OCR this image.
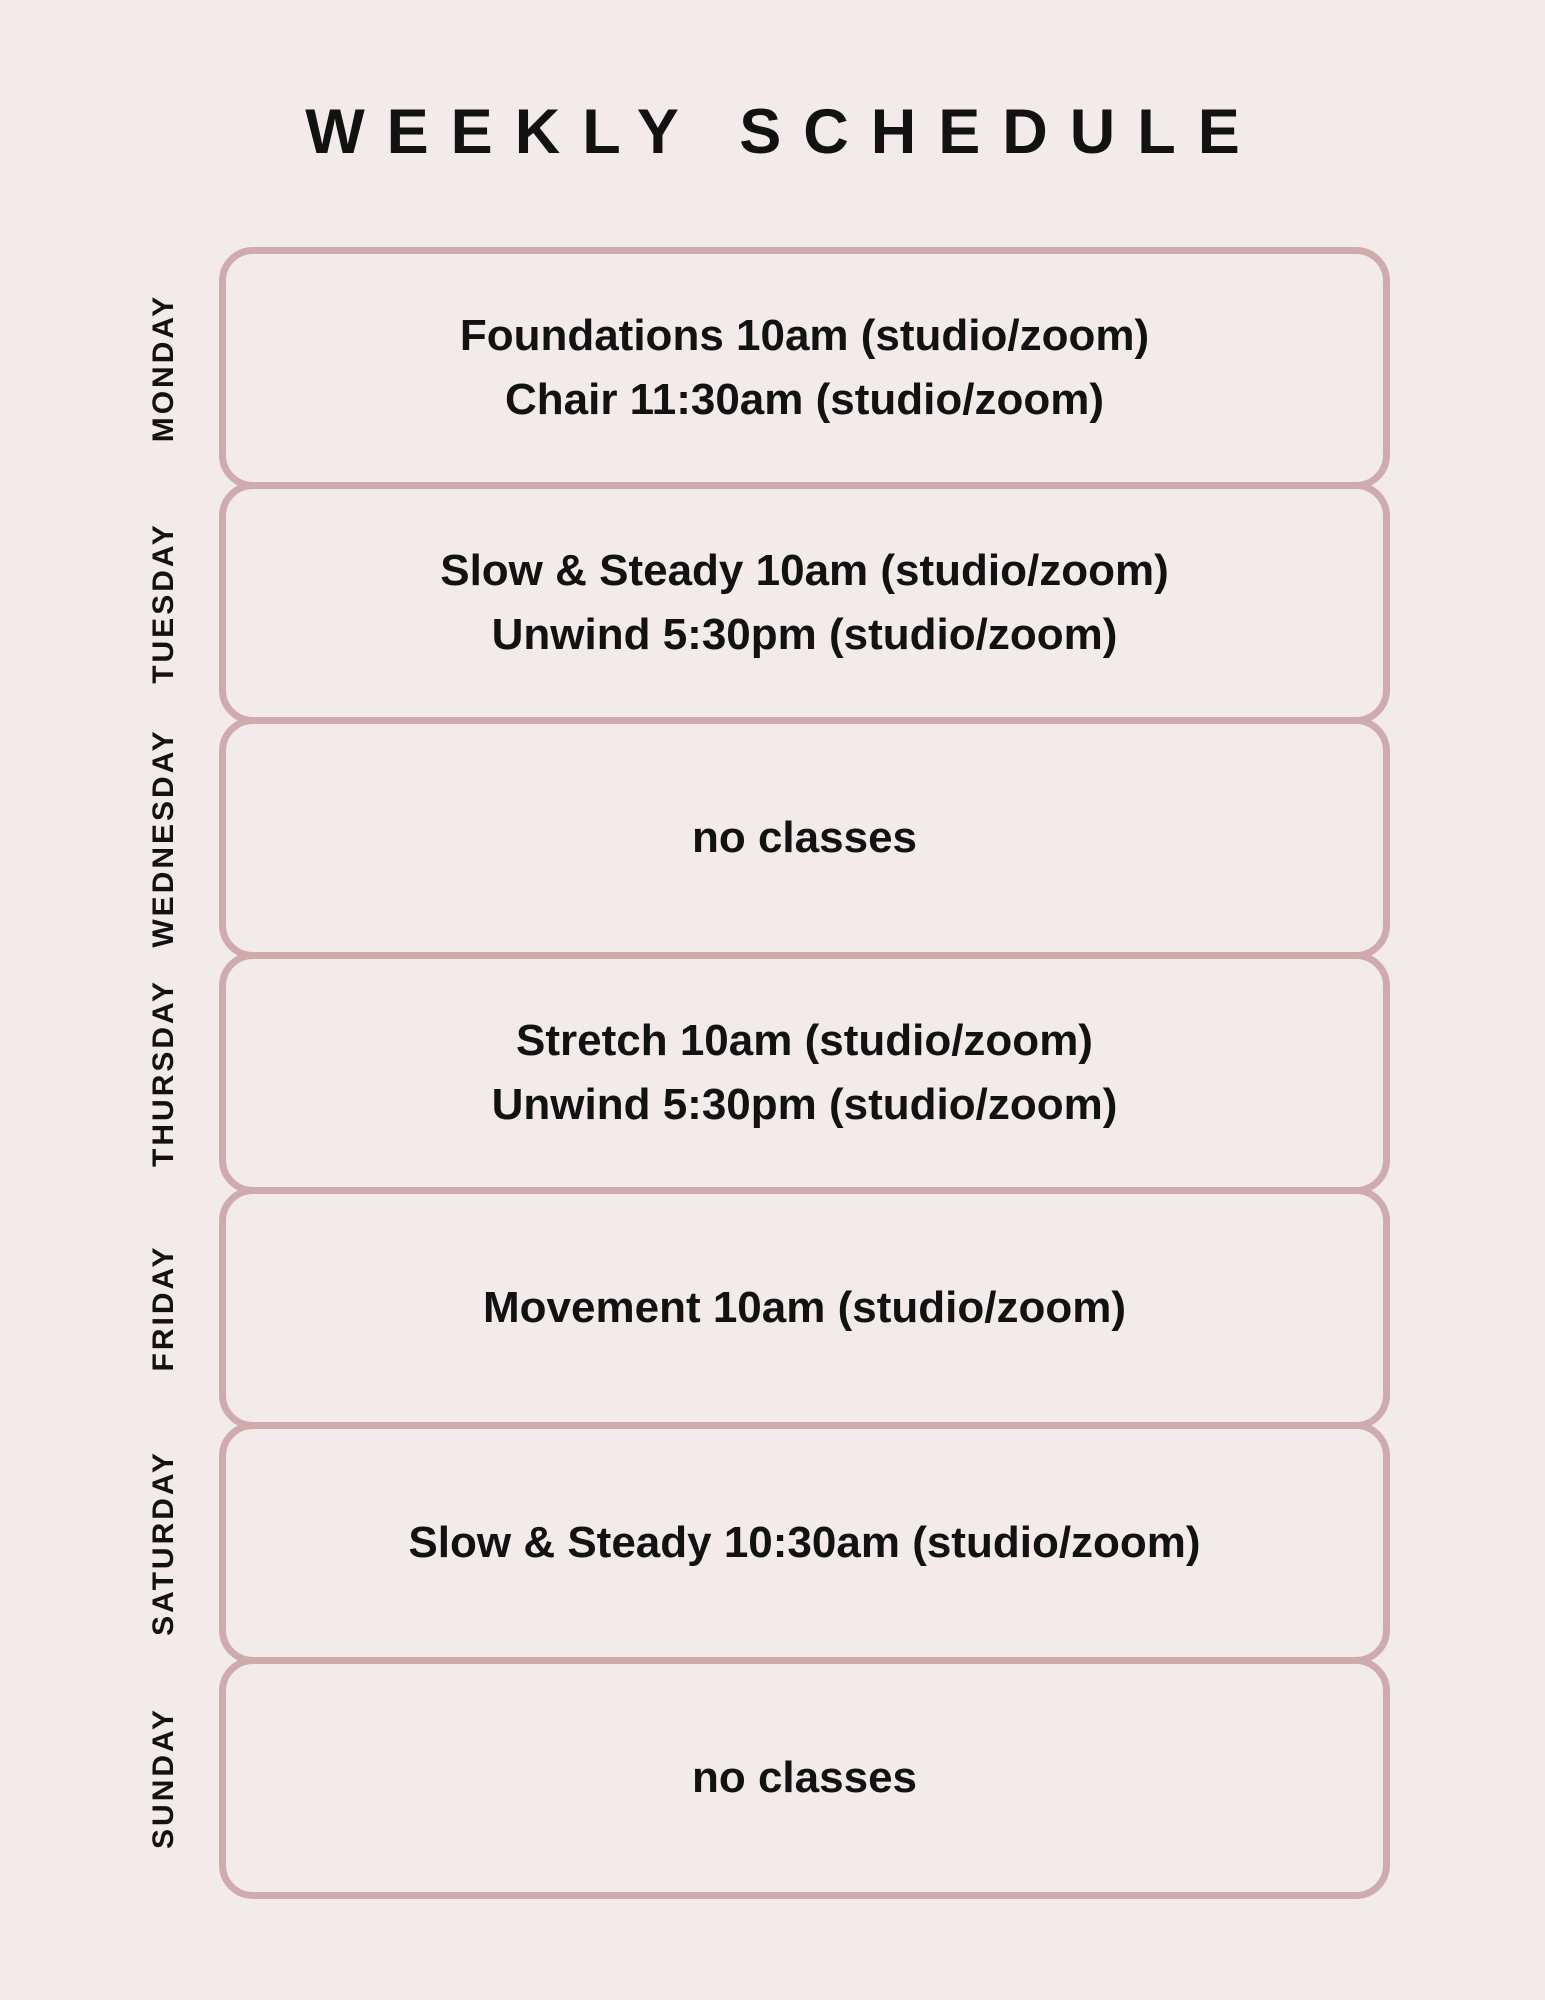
WEEKLY SCHEDULE
MONDAY	Foundations 10am (studio/zoom)
Chair 11:30am (studio/zoom)
TUESDAY	Slow & Steady 10am (studio/zoom)
Unwind 5:30pm (studio/zoom)
WEDNESDAY	no classes
THURSDAY	Stretch 10am (studio/zoom)
Unwind 5:30pm (studio/zoom)
FRIDAY	Movement 10am (studio/zoom)
SATURDAY	Slow & Steady 10:30am (studio/zoom)
SUNDAY	no classes
